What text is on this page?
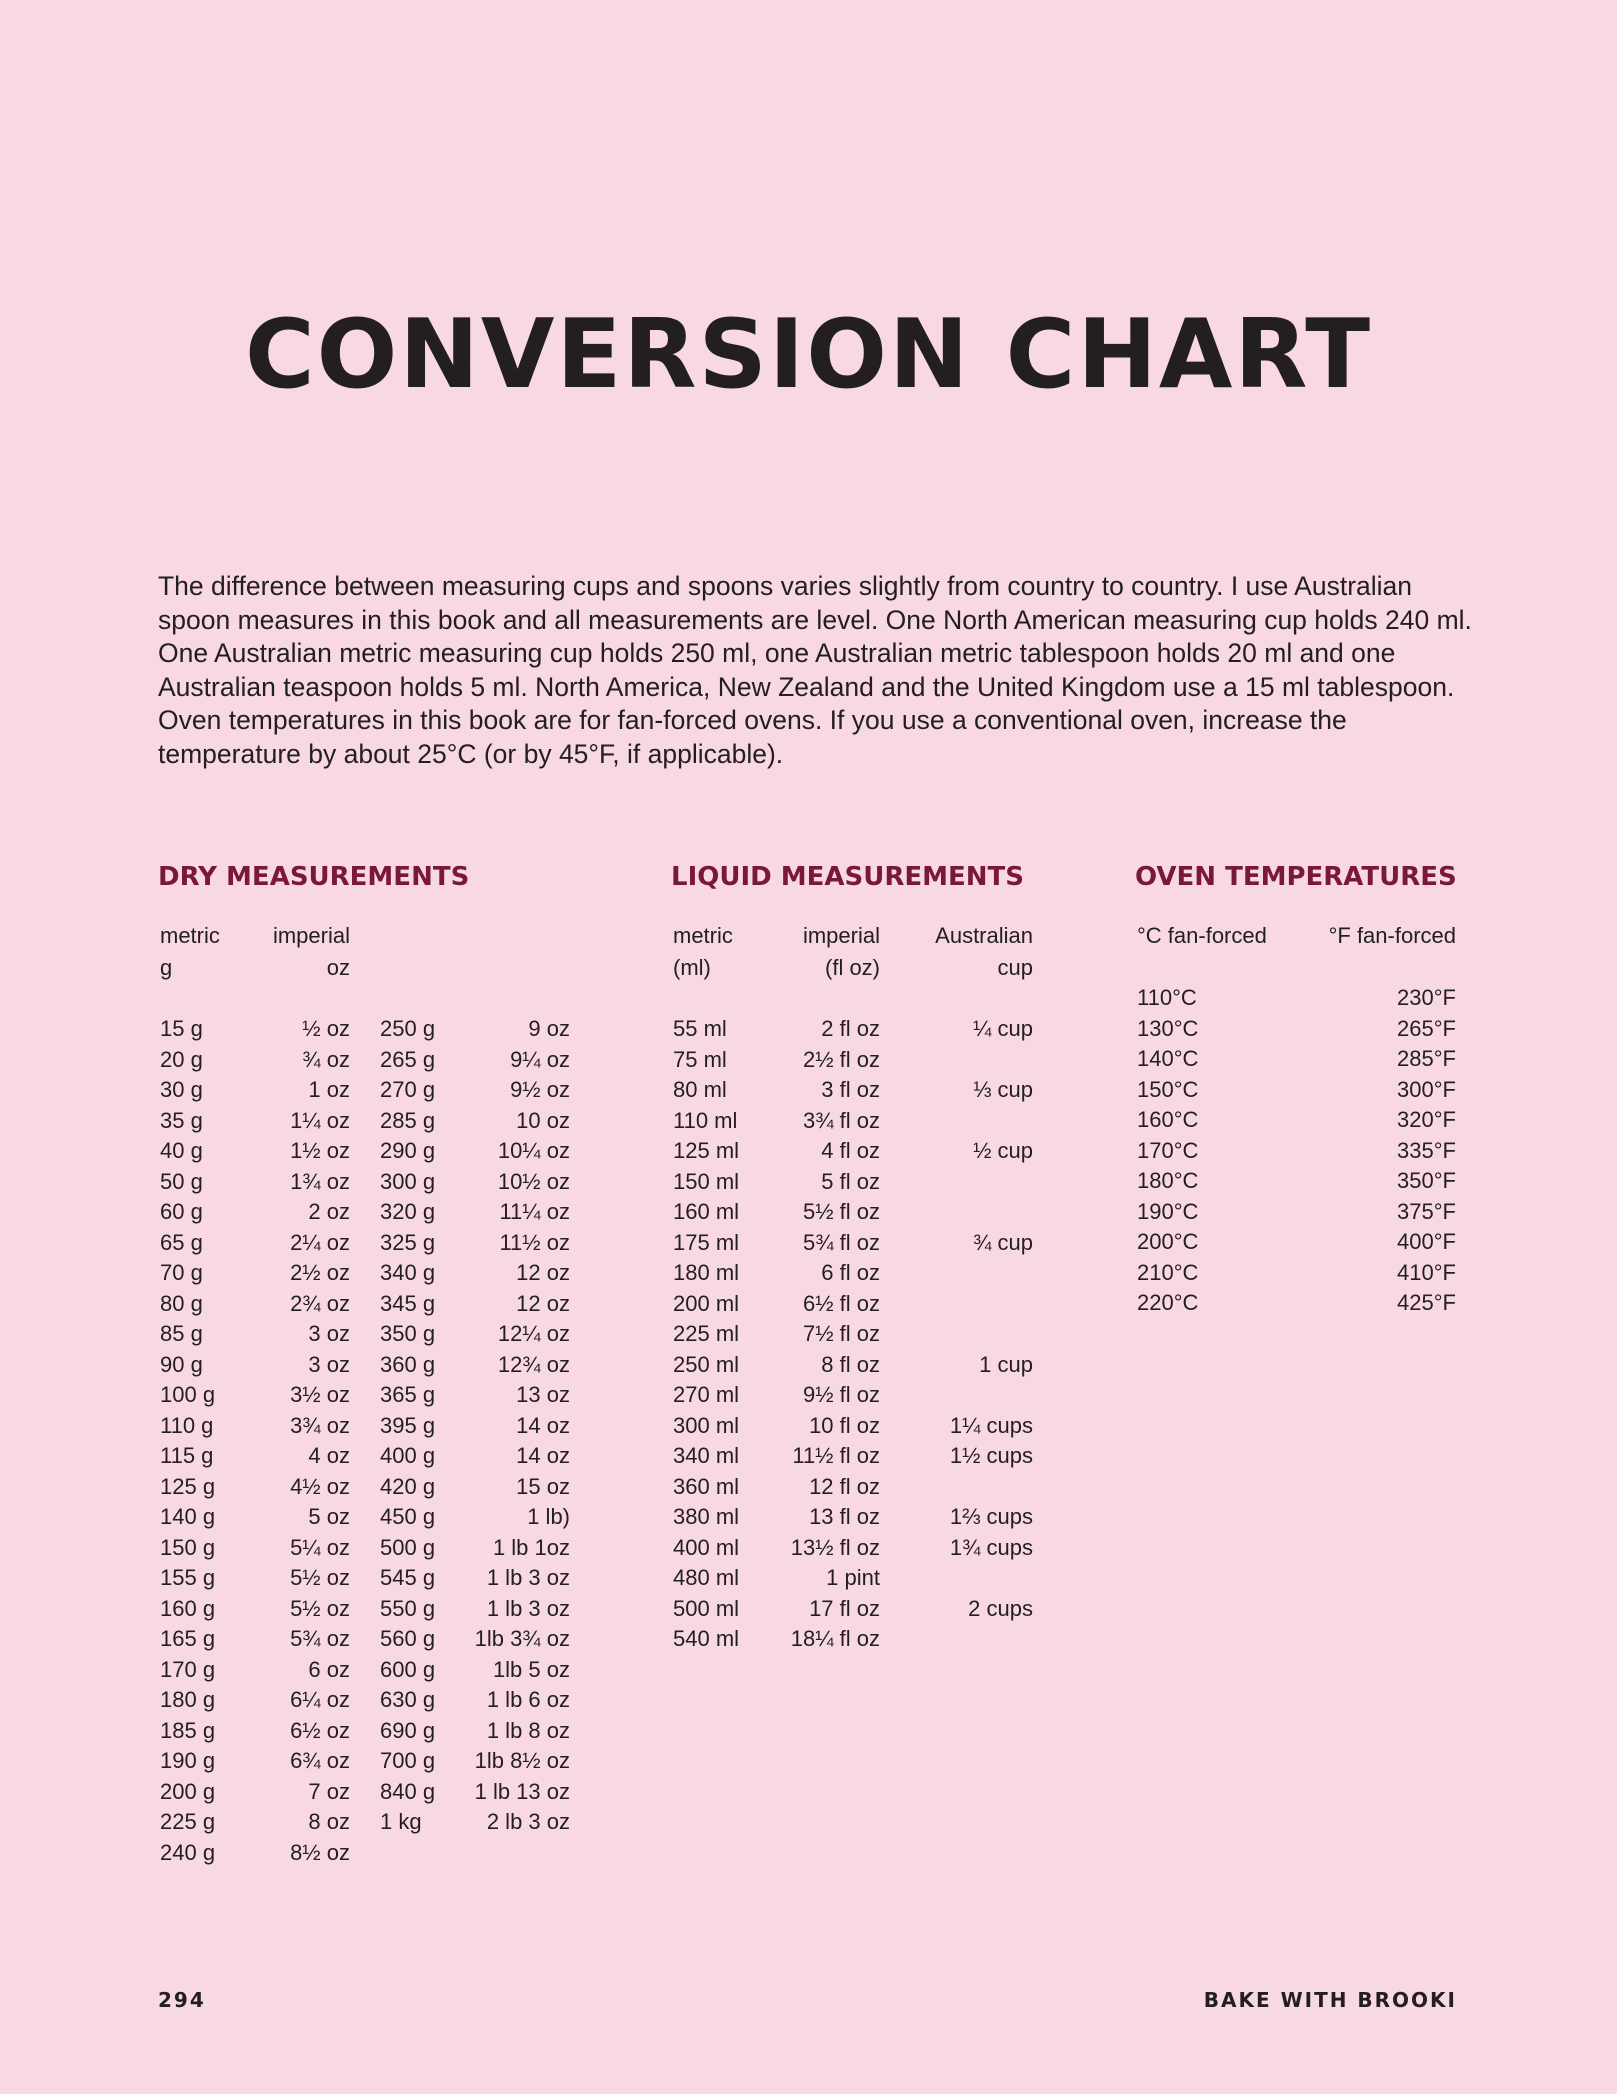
CONVERSION CHART
The difference between measuring cups and spoons varies slightly from country to country. I use Australian spoon measures in this book and all measurements are level. One North American measuring cup holds 240 ml. One Australian metric measuring cup holds 250 ml, one Australian metric tablespoon holds 20 ml and one Australian teaspoon holds 5 ml. North America, New Zealand and the United Kingdom use a 15 ml tablespoon. Oven temperatures in this book are for fan-forced ovens. If you use a conventional oven, increase the temperature by about 25°C (or by 45°F, if applicable).
DRY MEASUREMENTS
metric
g
imperial
oz
15 g
20 g
30 g
35 g
40 g
50 g
60 g
65 g
70 g
80 g
85 g
90 g
100 g
110 g
115 g
125 g
140 g
150 g
155 g
160 g
165 g
170 g
180 g
185 g
190 g
200 g
225 g
240 g
½ oz
¾ oz
1 oz
1¼ oz
1½ oz
1¾ oz
2 oz
2¼ oz
2½ oz
2¾ oz
3 oz
3 oz
3½ oz
3¾ oz
4 oz
4½ oz
5 oz
5¼ oz
5½ oz
5½ oz
5¾ oz
6 oz
6¼ oz
6½ oz
6¾ oz
7 oz
8 oz
8½ oz
250 g
265 g
270 g
285 g
290 g
300 g
320 g
325 g
340 g
345 g
350 g
360 g
365 g
395 g
400 g
420 g
450 g
500 g
545 g
550 g
560 g
600 g
630 g
690 g
700 g
840 g
1 kg
9 oz
9¼ oz
9½ oz
10 oz
10¼ oz
10½ oz
11¼ oz
11½ oz
12 oz
12 oz
12¼ oz
12¾ oz
13 oz
14 oz
14 oz
15 oz
1 lb)
1 lb 1oz
1 lb 3 oz
1 lb 3 oz
1lb 3¾ oz
1lb 5 oz
1 lb 6 oz
1 lb 8 oz
1lb 8½ oz
1 lb 13 oz
2 lb 3 oz
LIQUID MEASUREMENTS
metric
(ml)
imperial
(fl oz)
Australian
cup
55 ml
75 ml
80 ml
110 ml
125 ml
150 ml
160 ml
175 ml
180 ml
200 ml
225 ml
250 ml
270 ml
300 ml
340 ml
360 ml
380 ml
400 ml
480 ml
500 ml
540 ml
2 fl oz
2½ fl oz
3 fl oz
3¾ fl oz
4 fl oz
5 fl oz
5½ fl oz
5¾ fl oz
6 fl oz
6½ fl oz
7½ fl oz
8 fl oz
9½ fl oz
10 fl oz
11½ fl oz
12 fl oz
13 fl oz
13½ fl oz
1 pint
17 fl oz
18¼ fl oz
¼ cup
⅓ cup
½ cup
¾ cup
1 cup
1¼ cups
1½ cups
1⅔ cups
1¾ cups
2 cups
OVEN TEMPERATURES
°C fan-forced	°F fan-forced
110°C
130°C
140°C
150°C
160°C
170°C
180°C
190°C
200°C
210°C
220°C
230°F
265°F
285°F
300°F
320°F
335°F
350°F
375°F
400°F
410°F
425°F
294	BAKE WITH BROOKI
